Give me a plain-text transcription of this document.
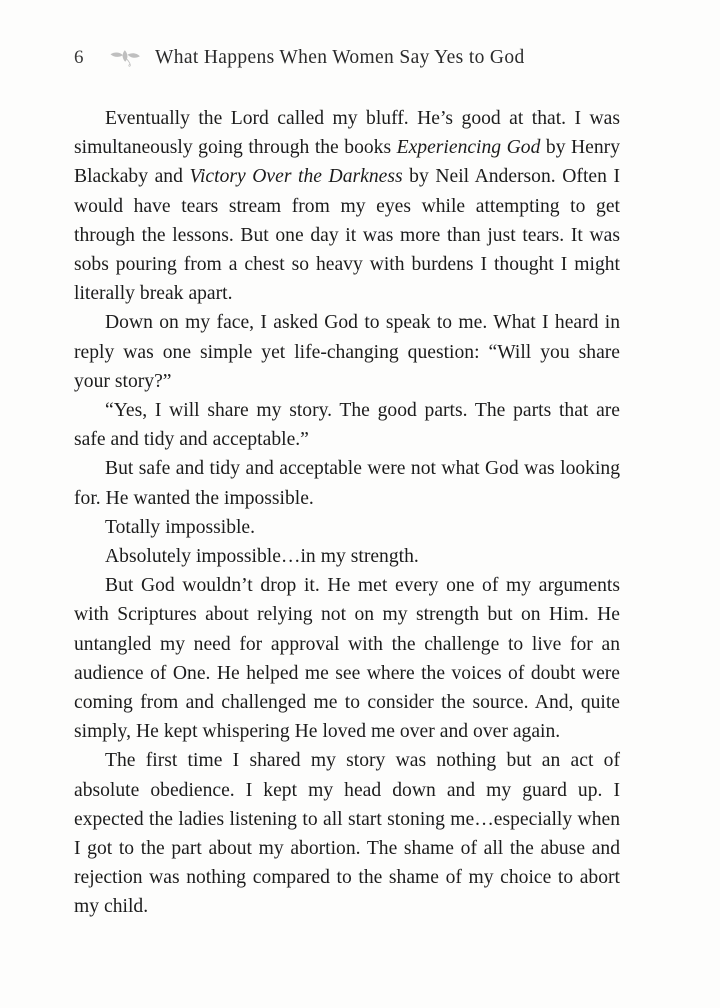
6	What Happens When Women Say Yes to God

Eventually the Lord called my bluff. He’s good at that. I was simultaneously going through the books Experiencing God by Henry Blackaby and Victory Over the Darkness by Neil Anderson. Often I would have tears stream from my eyes while attempting to get through the lessons. But one day it was more than just tears. It was sobs pouring from a chest so heavy with burdens I thought I might literally break apart.

Down on my face, I asked God to speak to me. What I heard in reply was one simple yet life-changing question: “Will you share your story?”

“Yes, I will share my story. The good parts. The parts that are safe and tidy and acceptable.”

But safe and tidy and acceptable were not what God was looking for. He wanted the impossible.

Totally impossible.

Absolutely impossible…in my strength.

But God wouldn’t drop it. He met every one of my arguments with Scriptures about relying not on my strength but on Him. He untangled my need for approval with the challenge to live for an audience of One. He helped me see where the voices of doubt were coming from and challenged me to consider the source. And, quite simply, He kept whispering He loved me over and over again.

The first time I shared my story was nothing but an act of absolute obedience. I kept my head down and my guard up. I expected the ladies listening to all start stoning me…especially when I got to the part about my abortion. The shame of all the abuse and rejection was nothing compared to the shame of my choice to abort my child.
